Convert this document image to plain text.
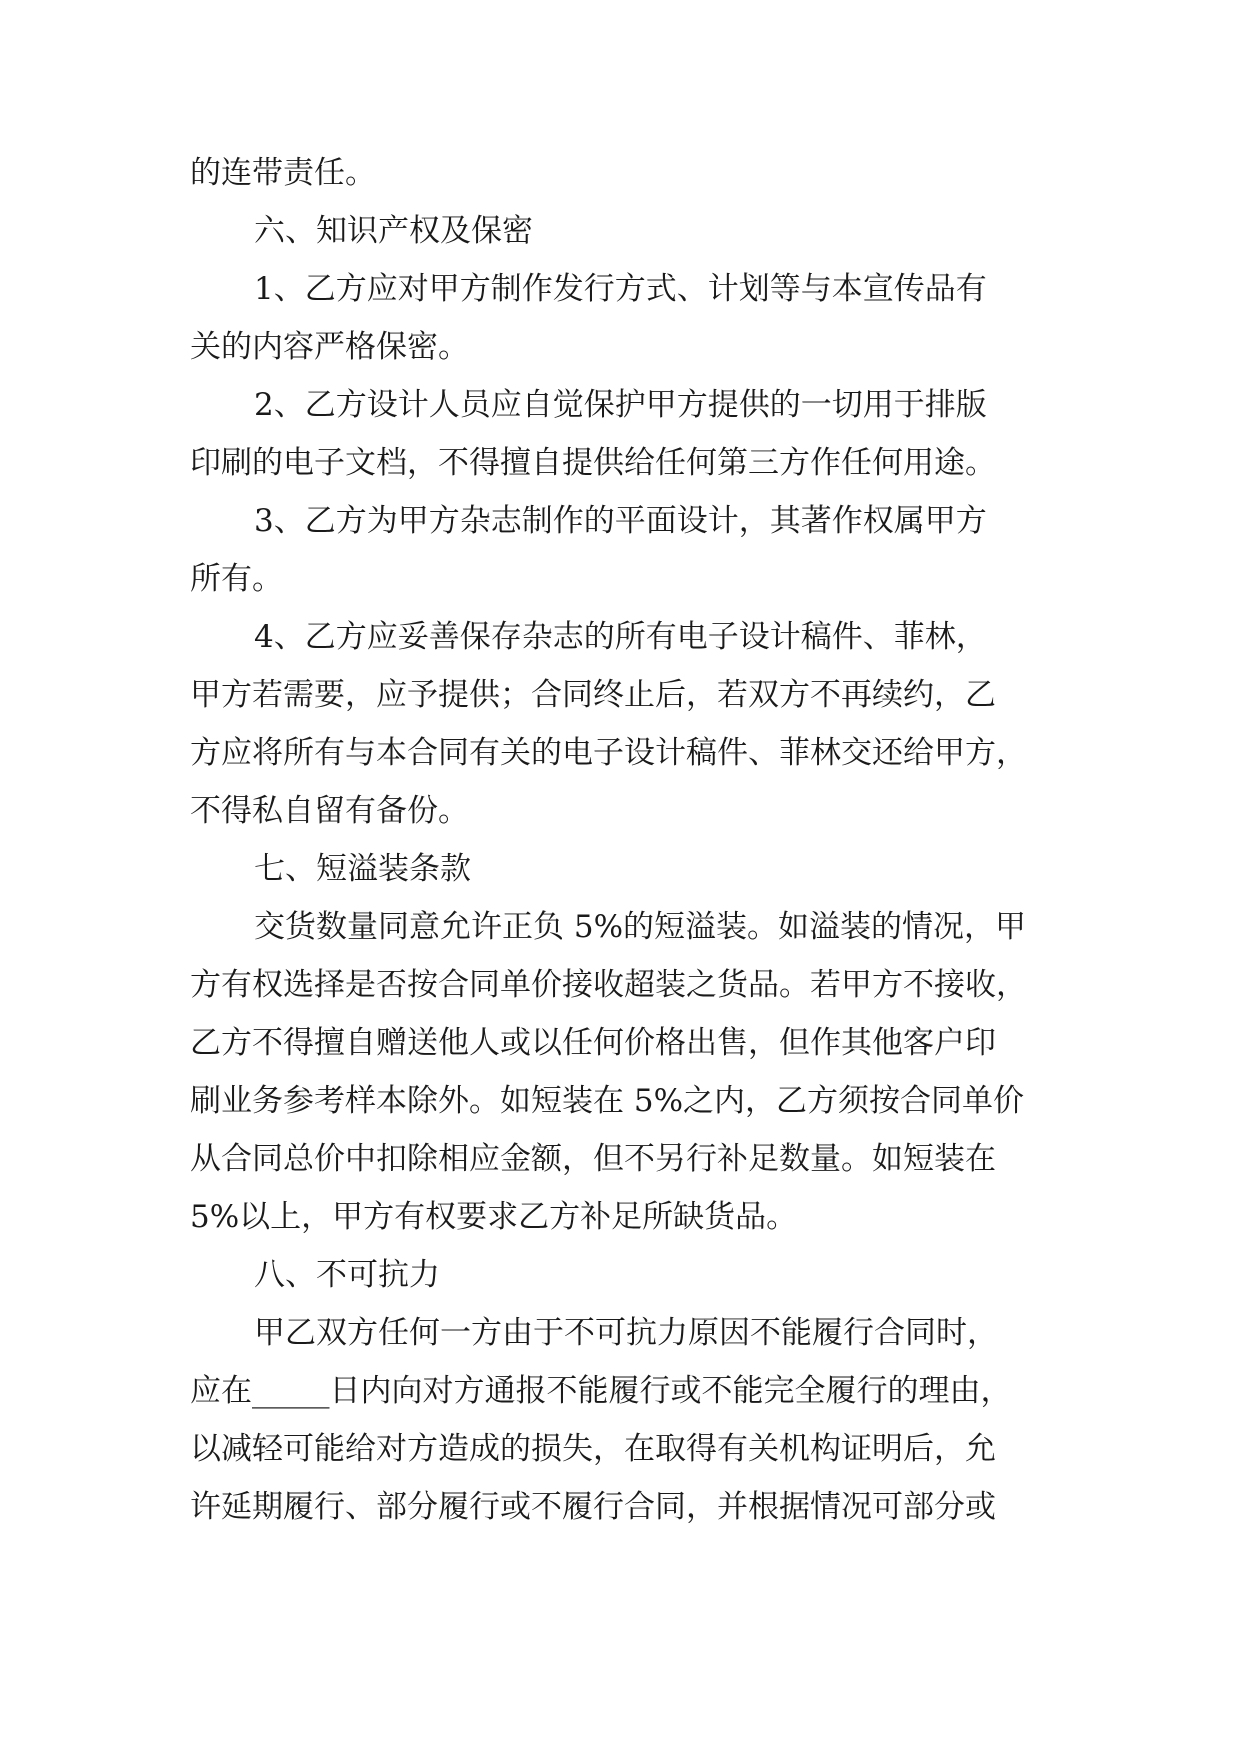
的连带责任。
六、知识产权及保密
1、乙方应对甲方制作发行方式、计划等与本宣传品有
关的内容严格保密。
2、乙方设计人员应自觉保护甲方提供的一切用于排版
印刷的电子文档，不得擅自提供给任何第三方作任何用途。
3、乙方为甲方杂志制作的平面设计，其著作权属甲方
所有。
4、乙方应妥善保存杂志的所有电子设计稿件、菲林，
甲方若需要，应予提供；合同终止后，若双方不再续约，乙
方应将所有与本合同有关的电子设计稿件、菲林交还给甲方，
不得私自留有备份。
七、短溢装条款
交货数量同意允许正负 5%的短溢装。如溢装的情况，甲
方有权选择是否按合同单价接收超装之货品。若甲方不接收，
乙方不得擅自赠送他人或以任何价格出售，但作其他客户印
刷业务参考样本除外。如短装在 5%之内，乙方须按合同单价
从合同总价中扣除相应金额，但不另行补足数量。如短装在
5%以上，甲方有权要求乙方补足所缺货品。
八、不可抗力
甲乙双方任何一方由于不可抗力原因不能履行合同时，
应在_____日内向对方通报不能履行或不能完全履行的理由，
以减轻可能给对方造成的损失，在取得有关机构证明后，允
许延期履行、部分履行或不履行合同，并根据情况可部分或
